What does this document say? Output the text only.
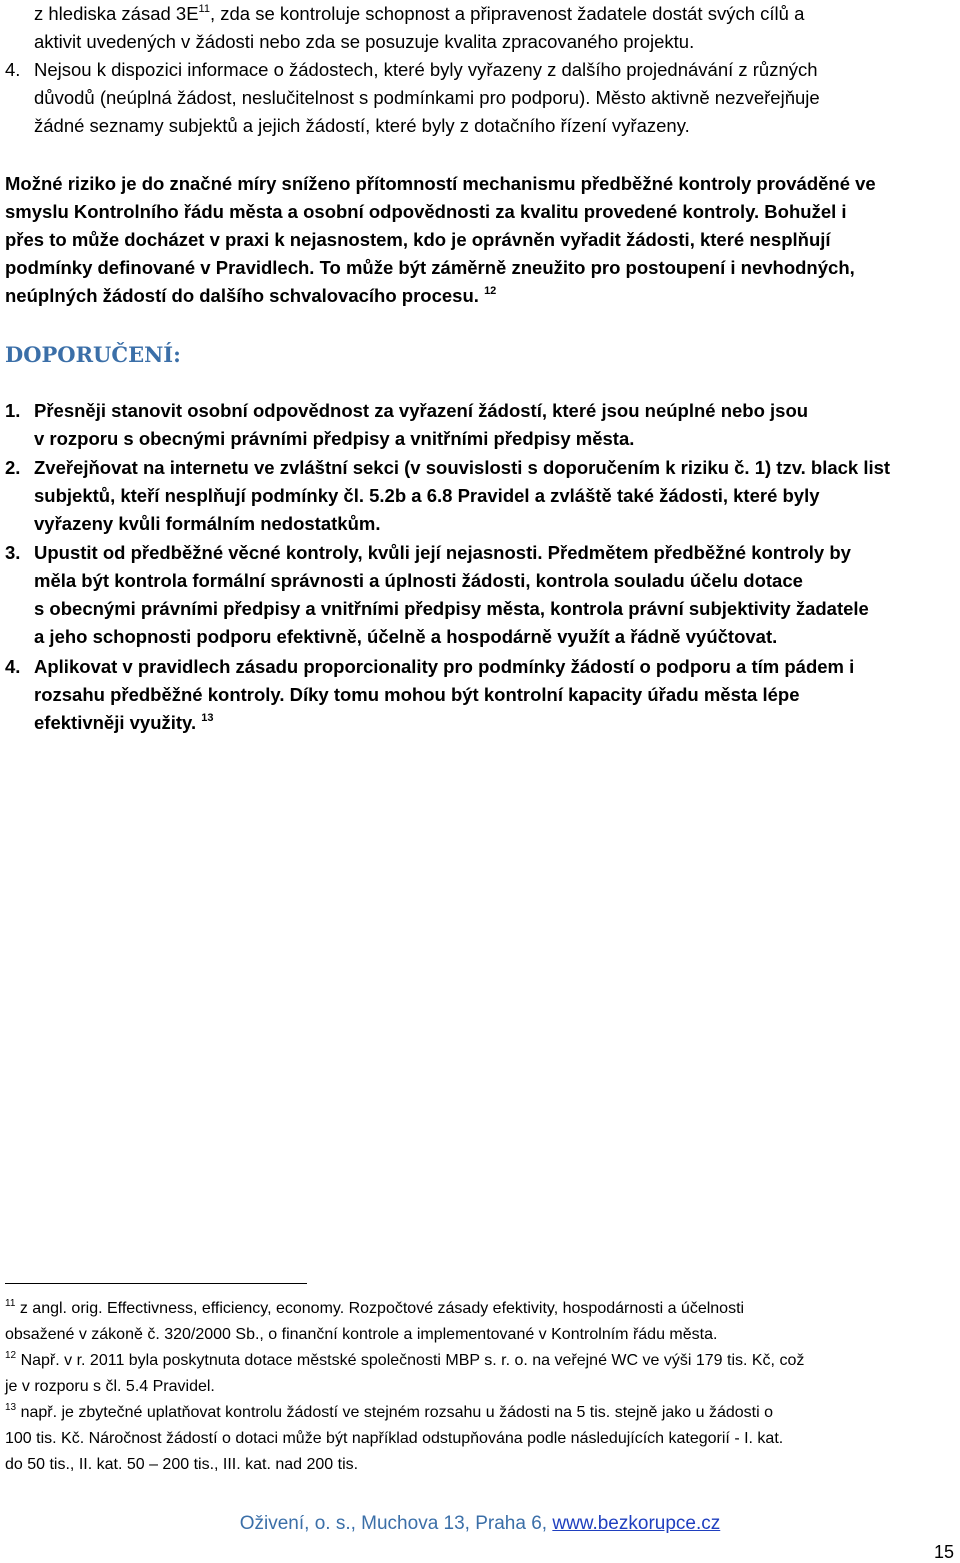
z hlediska zásad $3E^{11}$, zda se kontroluje schopnost a připravenost žadatele dostát svých cílů a
aktivit uvedených v žádosti nebo zda se posuzuje kvalita zpracovaného projektu.
4. Nejsou k dispozici informace o žádostech, které byly vyřazeny z dalšího projednávání z různých
důvodů (neúplná žádost, neslučitelnost s podmínkami pro podporu). Město aktivně nezveřejňuje
žádné seznamy subjektů a jejich žádostí, které byly z dotačního řízení vyřazeny.
Možné riziko je do značné míry sníženo přítomností mechanismu předběžné kontroly prováděné ve
smyslu Kontrolního řádu města a osobní odpovědnosti za kvalitu provedené kontroly. Bohužel i
přes to může docházet v praxi k nejasnostem, kdo je oprávněn vyřadit žádosti, které nesplňují
podmínky definované v Pravidlech. To může být záměrně zneužito pro postoupení i nevhodných,
neúplných žádostí do dalšího schvalovacího procesu. $^{12}$
DOPORUČENÍ:
1. Přesněji stanovit osobní odpovědnost za vyřazení žádostí, které jsou neúplné nebo jsou
v rozporu s obecnými právními předpisy a vnitřními předpisy města.
2. Zveřejňovat na internetu ve zvláštní sekci (v souvislosti s doporučením k riziku č. 1) tzv. black list
subjektů, kteří nesplňují podmínky čl. 5.2b a 6.8 Pravidel a zvláště také žádosti, které byly
vyřazeny kvůli formálním nedostatkům.
3. Upustit od předběžné věcné kontroly, kvůli její nejasnosti. Předmětem předběžné kontroly by
měla být kontrola formální správnosti a úplnosti žádosti, kontrola souladu účelu dotace
s obecnými právními předpisy a vnitřními předpisy města, kontrola právní subjektivity žadatele
a jeho schopnosti podporu efektivně, účelně a hospodárně využít a řádně vyúčtovat.
4. Aplikovat v pravidlech zásadu proporcionality pro podmínky žádostí o podporu a tím pádem i
rozsahu předběžné kontroly. Díky tomu mohou být kontrolní kapacity úřadu města lépe
efektivněji využity. $^{13}$
$^{11}$ z angl. orig. Effectivness, efficiency, economy. Rozpočtové zásady efektivity, hospodárnosti a účelnosti
obsažené v zákoně č. 320/2000 Sb., o finanční kontrole a implementované v Kontrolním řádu města.
$^{12}$ Např. v r. 2011 byla poskytnuta dotace městské společnosti MBP s. r. o. na veřejné WC ve výši 179 tis. Kč, což
je v rozporu s čl. 5.4 Pravidel.
$^{13}$ např. je zbytečné uplatňovat kontrolu žádostí ve stejném rozsahu u žádosti na 5 tis. stejně jako u žádosti o
100 tis. Kč. Náročnost žádostí o dotaci může být například odstupňována podle následujících kategorií - I. kat.
do 50 tis., II. kat. 50 – 200 tis., III. kat. nad 200 tis.
Oživení, o. s., Muchova 13, Praha 6, www.bezkorupce.cz
15
